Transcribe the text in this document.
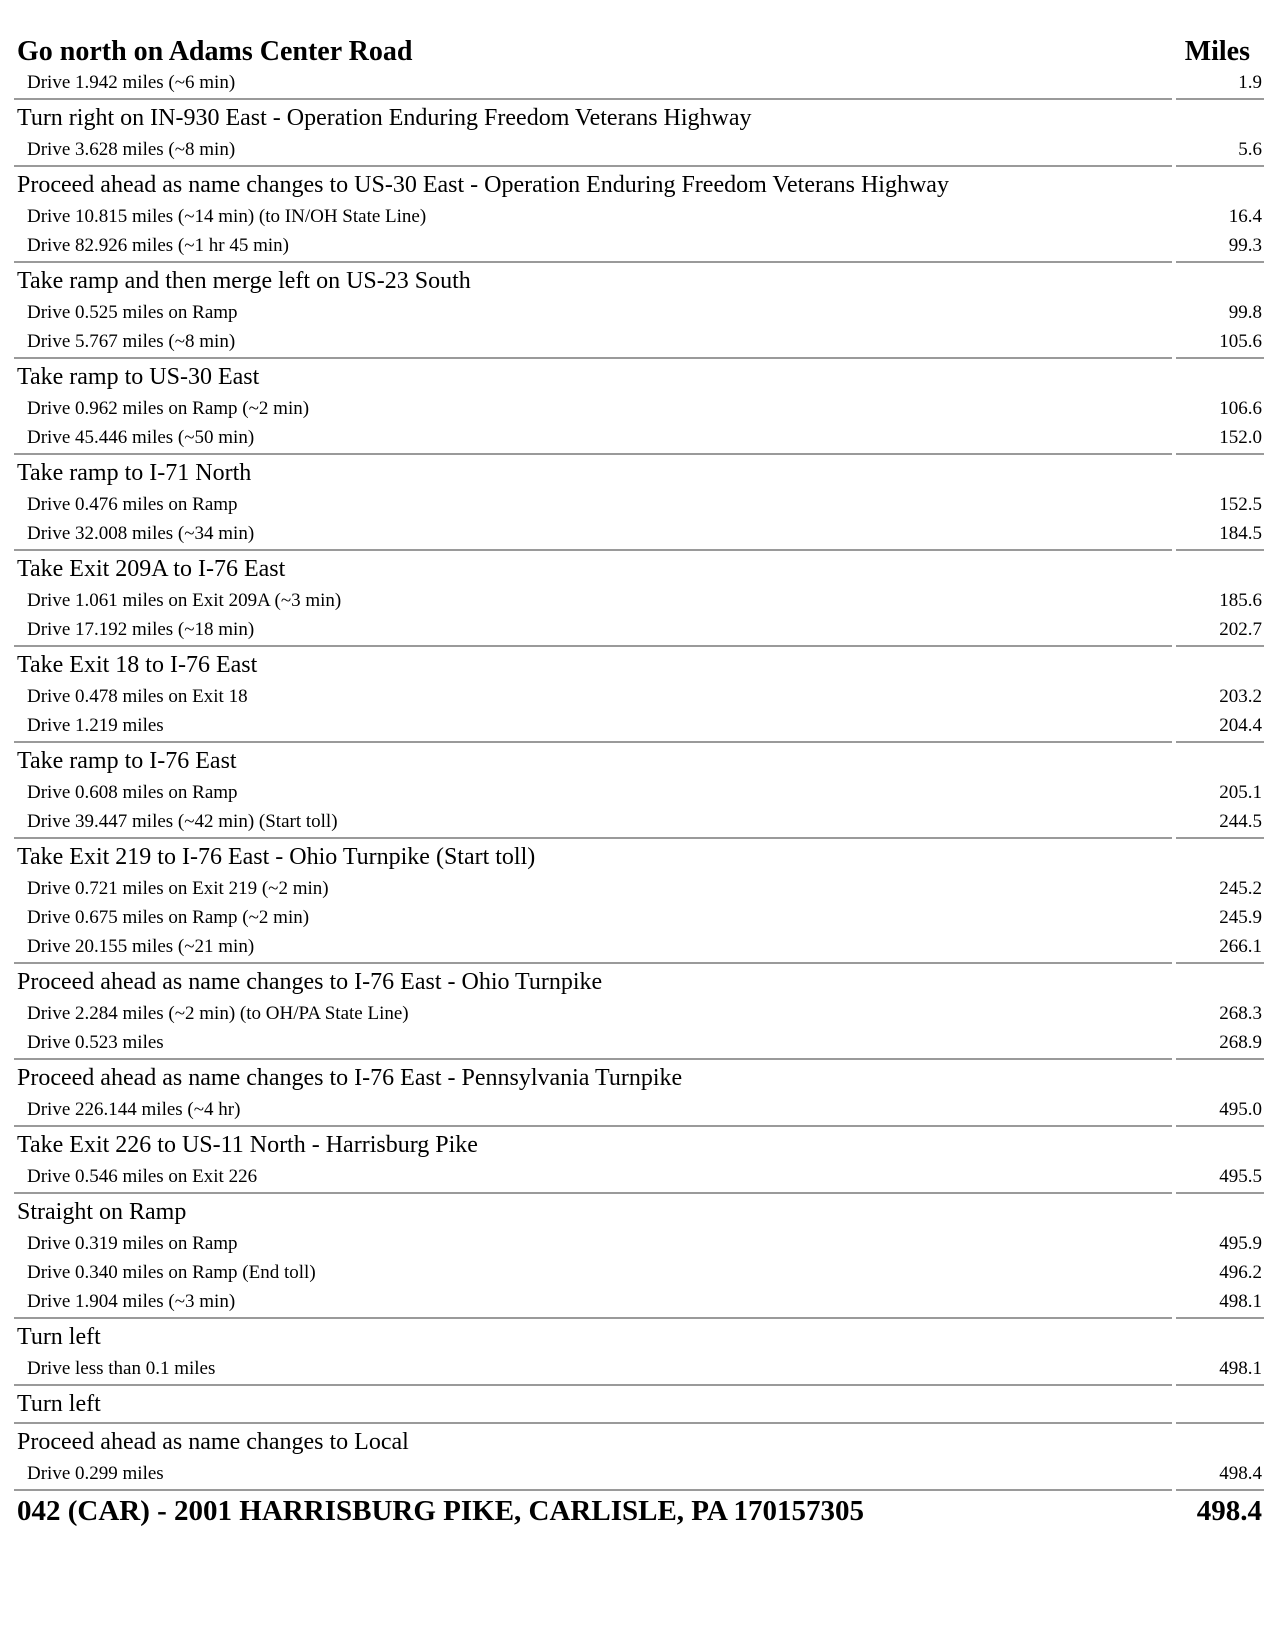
Go north on Adams Center Road	Miles
Drive 1.942 miles (~6 min)	1.9
Turn right on IN-930 East - Operation Enduring Freedom Veterans Highway
Drive 3.628 miles (~8 min)	5.6
Proceed ahead as name changes to US-30 East - Operation Enduring Freedom Veterans Highway
Drive 10.815 miles (~14 min) (to IN/OH State Line)	16.4
Drive 82.926 miles (~1 hr 45 min)	99.3
Take ramp and then merge left on US-23 South
Drive 0.525 miles on Ramp	99.8
Drive 5.767 miles (~8 min)	105.6
Take ramp to US-30 East
Drive 0.962 miles on Ramp (~2 min)	106.6
Drive 45.446 miles (~50 min)	152.0
Take ramp to I-71 North
Drive 0.476 miles on Ramp	152.5
Drive 32.008 miles (~34 min)	184.5
Take Exit 209A to I-76 East
Drive 1.061 miles on Exit 209A (~3 min)	185.6
Drive 17.192 miles (~18 min)	202.7
Take Exit 18 to I-76 East
Drive 0.478 miles on Exit 18	203.2
Drive 1.219 miles	204.4
Take ramp to I-76 East
Drive 0.608 miles on Ramp	205.1
Drive 39.447 miles (~42 min) (Start toll)	244.5
Take Exit 219 to I-76 East - Ohio Turnpike (Start toll)
Drive 0.721 miles on Exit 219 (~2 min)	245.2
Drive 0.675 miles on Ramp (~2 min)	245.9
Drive 20.155 miles (~21 min)	266.1
Proceed ahead as name changes to I-76 East - Ohio Turnpike
Drive 2.284 miles (~2 min) (to OH/PA State Line)	268.3
Drive 0.523 miles	268.9
Proceed ahead as name changes to I-76 East - Pennsylvania Turnpike
Drive 226.144 miles (~4 hr)	495.0
Take Exit 226 to US-11 North - Harrisburg Pike
Drive 0.546 miles on Exit 226	495.5
Straight on Ramp
Drive 0.319 miles on Ramp	495.9
Drive 0.340 miles on Ramp (End toll)	496.2
Drive 1.904 miles (~3 min)	498.1
Turn left
Drive less than 0.1 miles	498.1
Turn left
Proceed ahead as name changes to Local
Drive 0.299 miles	498.4
042 (CAR) - 2001 HARRISBURG PIKE, CARLISLE, PA 170157305	498.4
